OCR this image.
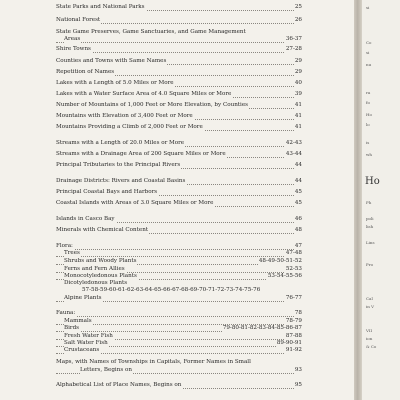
State Parks and National Parks	25
National Forest	26
State Game Preserves, Game Sanctuaries, and Game Management
Areas	36-37
Shire Towns	27-28
Counties and Towns with Same Names	29
Repetition of Names	29
Lakes with a Length of 5.0 Miles or More	40
Lakes with a Water Surface Area of 4.0 Square Miles or More	39
Number of Mountains of 1,000 Feet or More Elevation, by Counties	41
Mountains with Elevation of 3,400 Feet or More	41
Mountains Providing a Climb of 2,000 Feet or More	41
Streams with a Length of 20.0 Miles or More	42-43
Streams with a Drainage Area of 200 Square Miles or More	43-44
Principal Tributaries to the Principal Rivers	44
Drainage Districts: Rivers and Coastal Basins	44
Principal Coastal Bays and Harbors	45
Coastal Islands with Areas of 3.0 Square Miles or More	45
Islands in Casco Bay	46
Minerals with Chemical Content	48
Flora:	47
Trees	47-48
Shrubs and Woody Plants	48-49-50-51-52
Ferns and Fern Allies	52-53
Monocotyledonous Plants	53-54-55-56
Dicotyledonous Plants
57-58-59-60-61-62-63-64-65-66-67-68-69-70-71-72-73-74-75-76
Alpine Plants	76-77
Fauna:	78
Mammals	78-79
Birds	79-80-81-82-83-84-85-86-87
Fresh Water Fish	87-88
Salt Water Fish	89-90-91
Crustaceans	91-92
Maps, with Names of Townships in Capitals, Former Names in Small
Letters, Begins on	93
Alphabetical List of Place Names, Begins on	95
si
Co
si
nu
ra
fo
Ho
lo
is
wh
Ho
Ph
poli
lish
Lins
Pro
Cal
in V
VII
ion
& Co
